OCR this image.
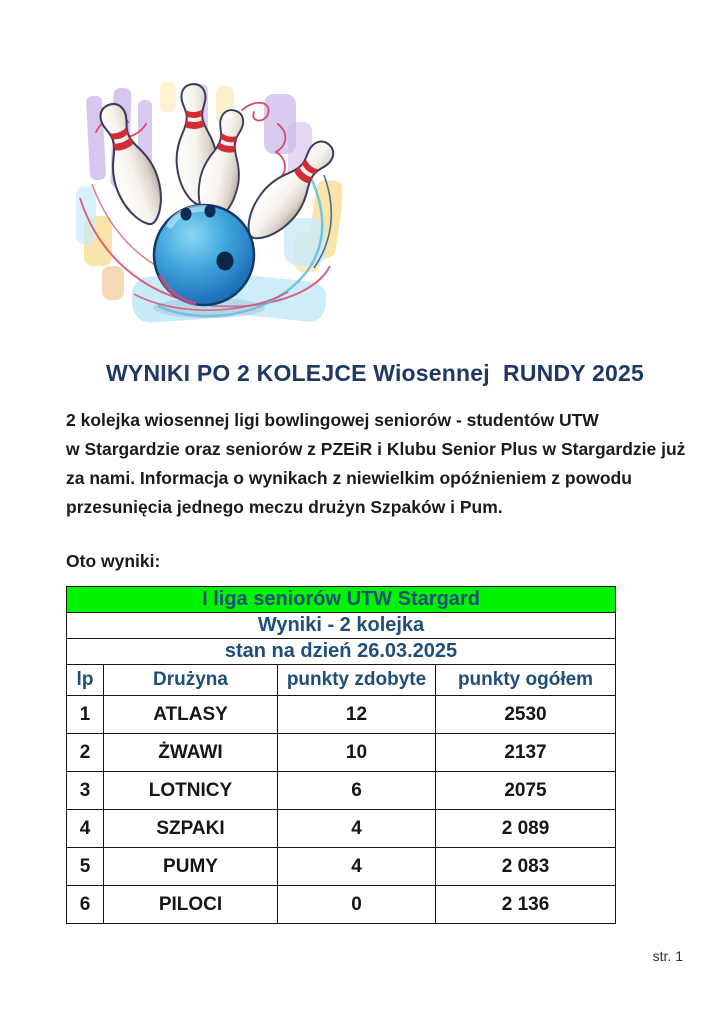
WYNIKI PO 2 KOLEJCE Wiosennej  RUNDY 2025
2 kolejka wiosennej ligi bowlingowej seniorów - studentów UTW
w Stargardzie oraz seniorów z PZEiR i Klubu Senior Plus w Stargardzie już
za nami. Informacja o wynikach z niewielkim opóźnieniem z powodu
przesunięcia jednego meczu drużyn Szpaków i Pum.
Oto wyniki:
I liga seniorów UTW Stargard			
Wyniki - 2 kolejka			
stan na dzień 26.03.2025			
lp	Drużyna	punkty zdobyte	punkty ogółem
1	ATLASY	12	2530
2	ŻWAWI	10	2137
3	LOTNICY	6	2075
4	SZPAKI	4	2 089
5	PUMY	4	2 083
6	PILOCI	0	2 136
str. 1
